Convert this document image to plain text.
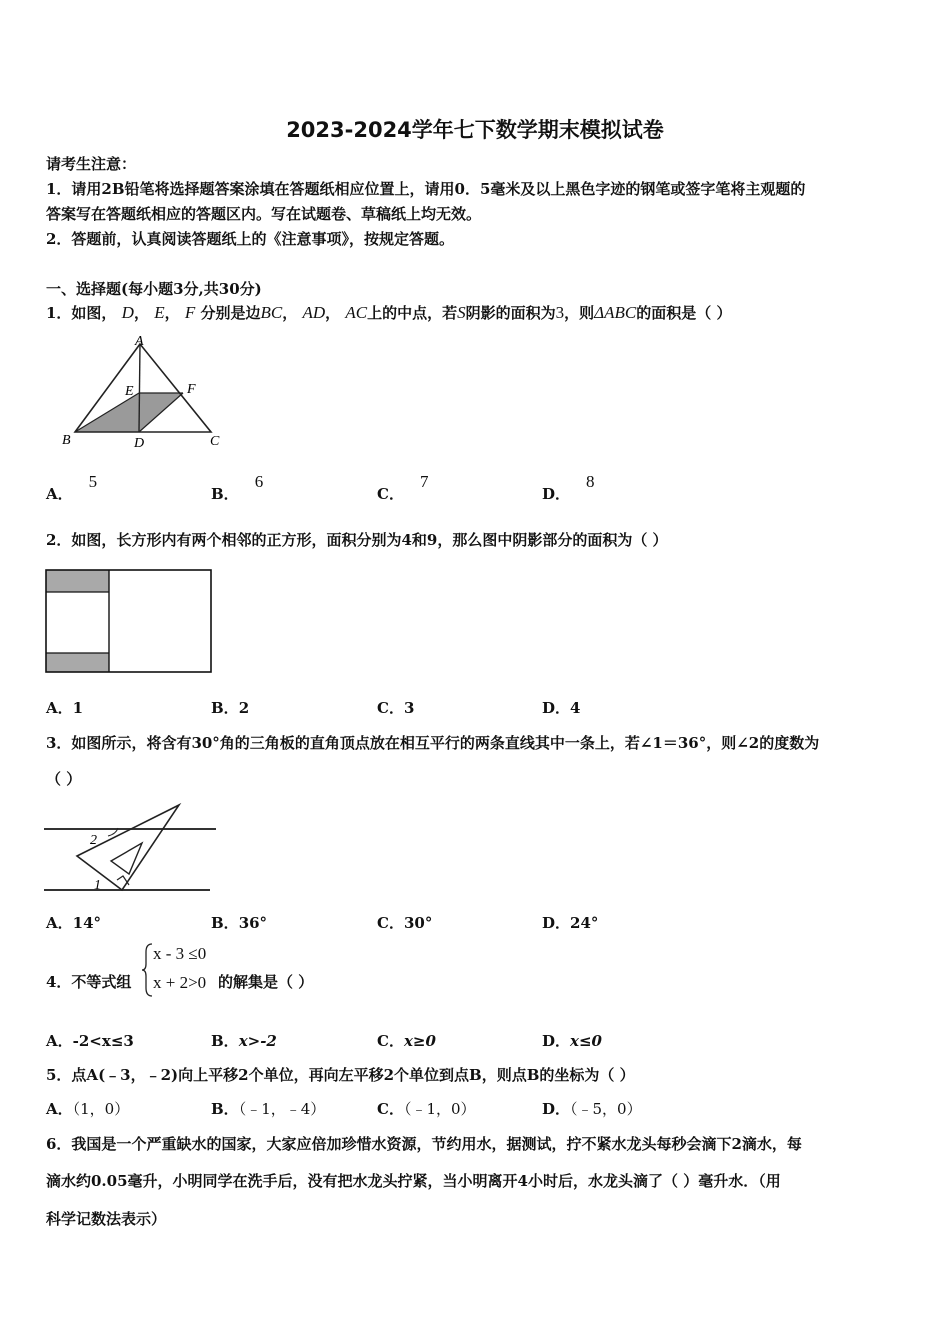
2023-2024学年七下数学期末模拟试卷
请考生注意：
1．请用2B铅笔将选择题答案涂填在答题纸相应位置上，请用0．5毫米及以上黑色字迹的钢笔或签字笔将主观题的
答案写在答题纸相应的答题区内。写在试题卷、草稿纸上均无效。
2．答题前，认真阅读答题纸上的《注意事项》，按规定答题。
一、选择题(每小题3分,共30分)
1．如图， D， E， F 分别是边BC， AD， AC上的中点，若S阴影的面积为3，则ΔABC的面积是（ ）
A
B	C
D
E	F
A．5
B．6
C．7
D．8
2．如图，长方形内有两个相邻的正方形，面积分别为4和9，那么图中阴影部分的面积为（ ）
A．1	B．2	C．3	D．4
3．如图所示，将含有30°角的三角板的直角顶点放在相互平行的两条直线其中一条上，若∠1＝36°，则∠2的度数为
（ ）
2
1
A．14°	B．36°	C．30°	D．24°
4．不等式组
x - 3 ≤0
x + 2>0 的解集是（ ）
A．-2<x≤3	B．x>-2	C．x≥0	D．x≤0
5．点A(﹣3，﹣2)向上平移2个单位，再向左平移2个单位到点B，则点B的坐标为（ ）
A．（1，0）	B．（﹣1，﹣4）	C．（﹣1，0）	D．（﹣5，0）
6．我国是一个严重缺水的国家，大家应倍加珍惜水资源，节约用水，据测试，拧不紧水龙头每秒会滴下2滴水，每
滴水约0.05毫升，小明同学在洗手后，没有把水龙头拧紧，当小明离开4小时后，水龙头滴了（ ）毫升水．（用
科学记数法表示）
